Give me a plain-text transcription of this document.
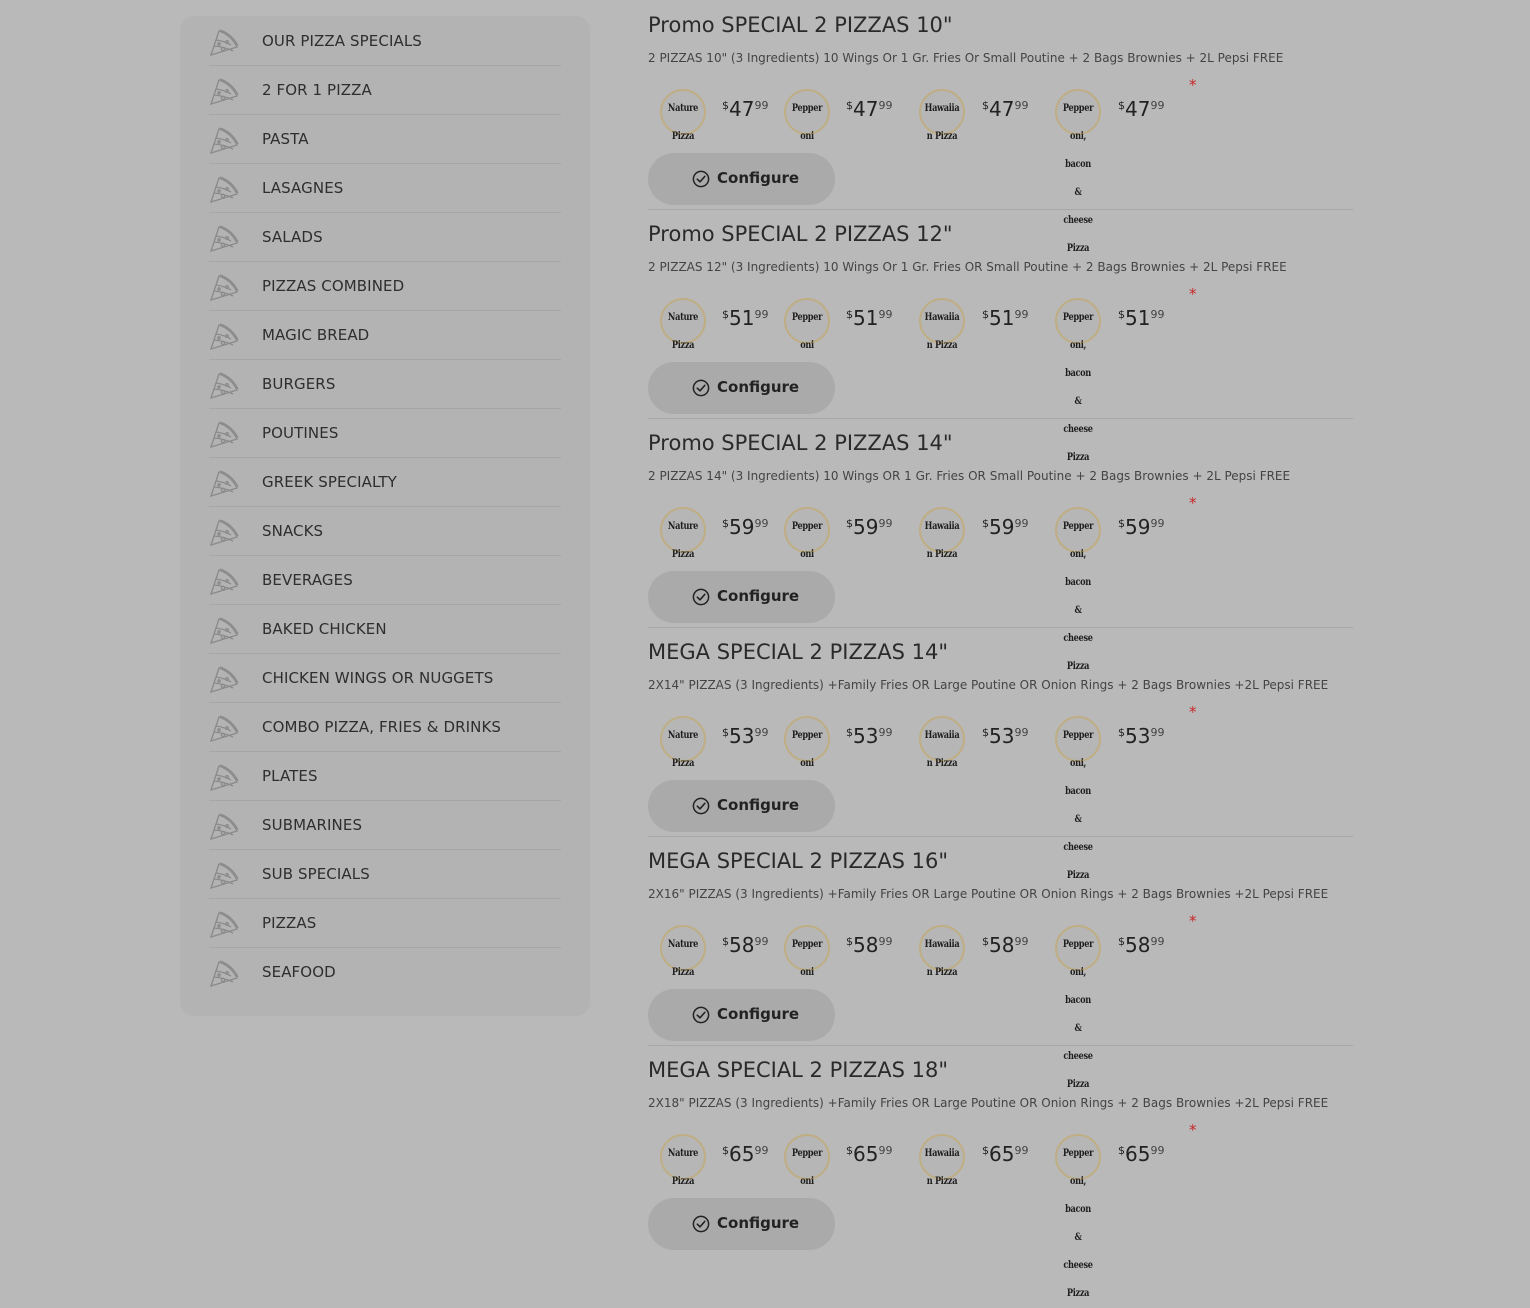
OUR PIZZA SPECIALS
2 FOR 1 PIZZA
PASTA
LASAGNES
SALADS
PIZZAS COMBINED
MAGIC BREAD
BURGERS
POUTINES
GREEK SPECIALTY
SNACKS
BEVERAGES
BAKED CHICKEN
CHICKEN WINGS OR NUGGETS
COMBO PIZZA, FRIES & DRINKS
PLATES
SUBMARINES
SUB SPECIALS
PIZZAS
SEAFOOD
Promo SPECIAL 2 PIZZAS 10"
2 PIZZAS 10" (3 Ingredients) 10 Wings Or 1 Gr. Fries Or Small Poutine + 2 Bags Brownies + 2L Pepsi FREE
*
Nature
Pizza
$^{\$}47^{99}$	Pepper
oni
$^{\$}47^{99}$	Hawaiia
n Pizza
$^{\$}47^{99}$	Pepper
oni,
bacon
&
cheese
Pizza
$^{\$}47^{99}$
Configure
Promo SPECIAL 2 PIZZAS 12"
2 PIZZAS 12" (3 Ingredients) 10 Wings Or 1 Gr. Fries OR Small Poutine + 2 Bags Brownies + 2L Pepsi FREE
*
Nature
Pizza
$^{\$}51^{99}$	Pepper
oni
$^{\$}51^{99}$	Hawaiia
n Pizza
$^{\$}51^{99}$	Pepper
oni,
bacon
&
cheese
Pizza
$^{\$}51^{99}$
Configure
Promo SPECIAL 2 PIZZAS 14"
2 PIZZAS 14" (3 Ingredients) 10 Wings OR 1 Gr. Fries OR Small Poutine + 2 Bags Brownies + 2L Pepsi FREE
*
Nature
Pizza
$^{\$}59^{99}$	Pepper
oni
$^{\$}59^{99}$	Hawaiia
n Pizza
$^{\$}59^{99}$	Pepper
oni,
bacon
&
cheese
Pizza
$^{\$}59^{99}$
Configure
MEGA SPECIAL 2 PIZZAS 14"
2X14" PIZZAS (3 Ingredients) +Family Fries OR Large Poutine OR Onion Rings + 2 Bags Brownies +2L Pepsi FREE
*
Nature
Pizza
$^{\$}53^{99}$	Pepper
oni
$^{\$}53^{99}$	Hawaiia
n Pizza
$^{\$}53^{99}$	Pepper
oni,
bacon
&
cheese
Pizza
$^{\$}53^{99}$
Configure
MEGA SPECIAL 2 PIZZAS 16"
2X16" PIZZAS (3 Ingredients) +Family Fries OR Large Poutine OR Onion Rings + 2 Bags Brownies +2L Pepsi FREE
*
Nature
Pizza
$^{\$}58^{99}$	Pepper
oni
$^{\$}58^{99}$	Hawaiia
n Pizza
$^{\$}58^{99}$	Pepper
oni,
bacon
&
cheese
Pizza
$^{\$}58^{99}$
Configure
MEGA SPECIAL 2 PIZZAS 18"
2X18" PIZZAS (3 Ingredients) +Family Fries OR Large Poutine OR Onion Rings + 2 Bags Brownies +2L Pepsi FREE
*
Nature
Pizza
$^{\$}65^{99}$	Pepper
oni
$^{\$}65^{99}$	Hawaiia
n Pizza
$^{\$}65^{99}$	Pepper
oni,
bacon
&
cheese
Pizza
$^{\$}65^{99}$
Configure
